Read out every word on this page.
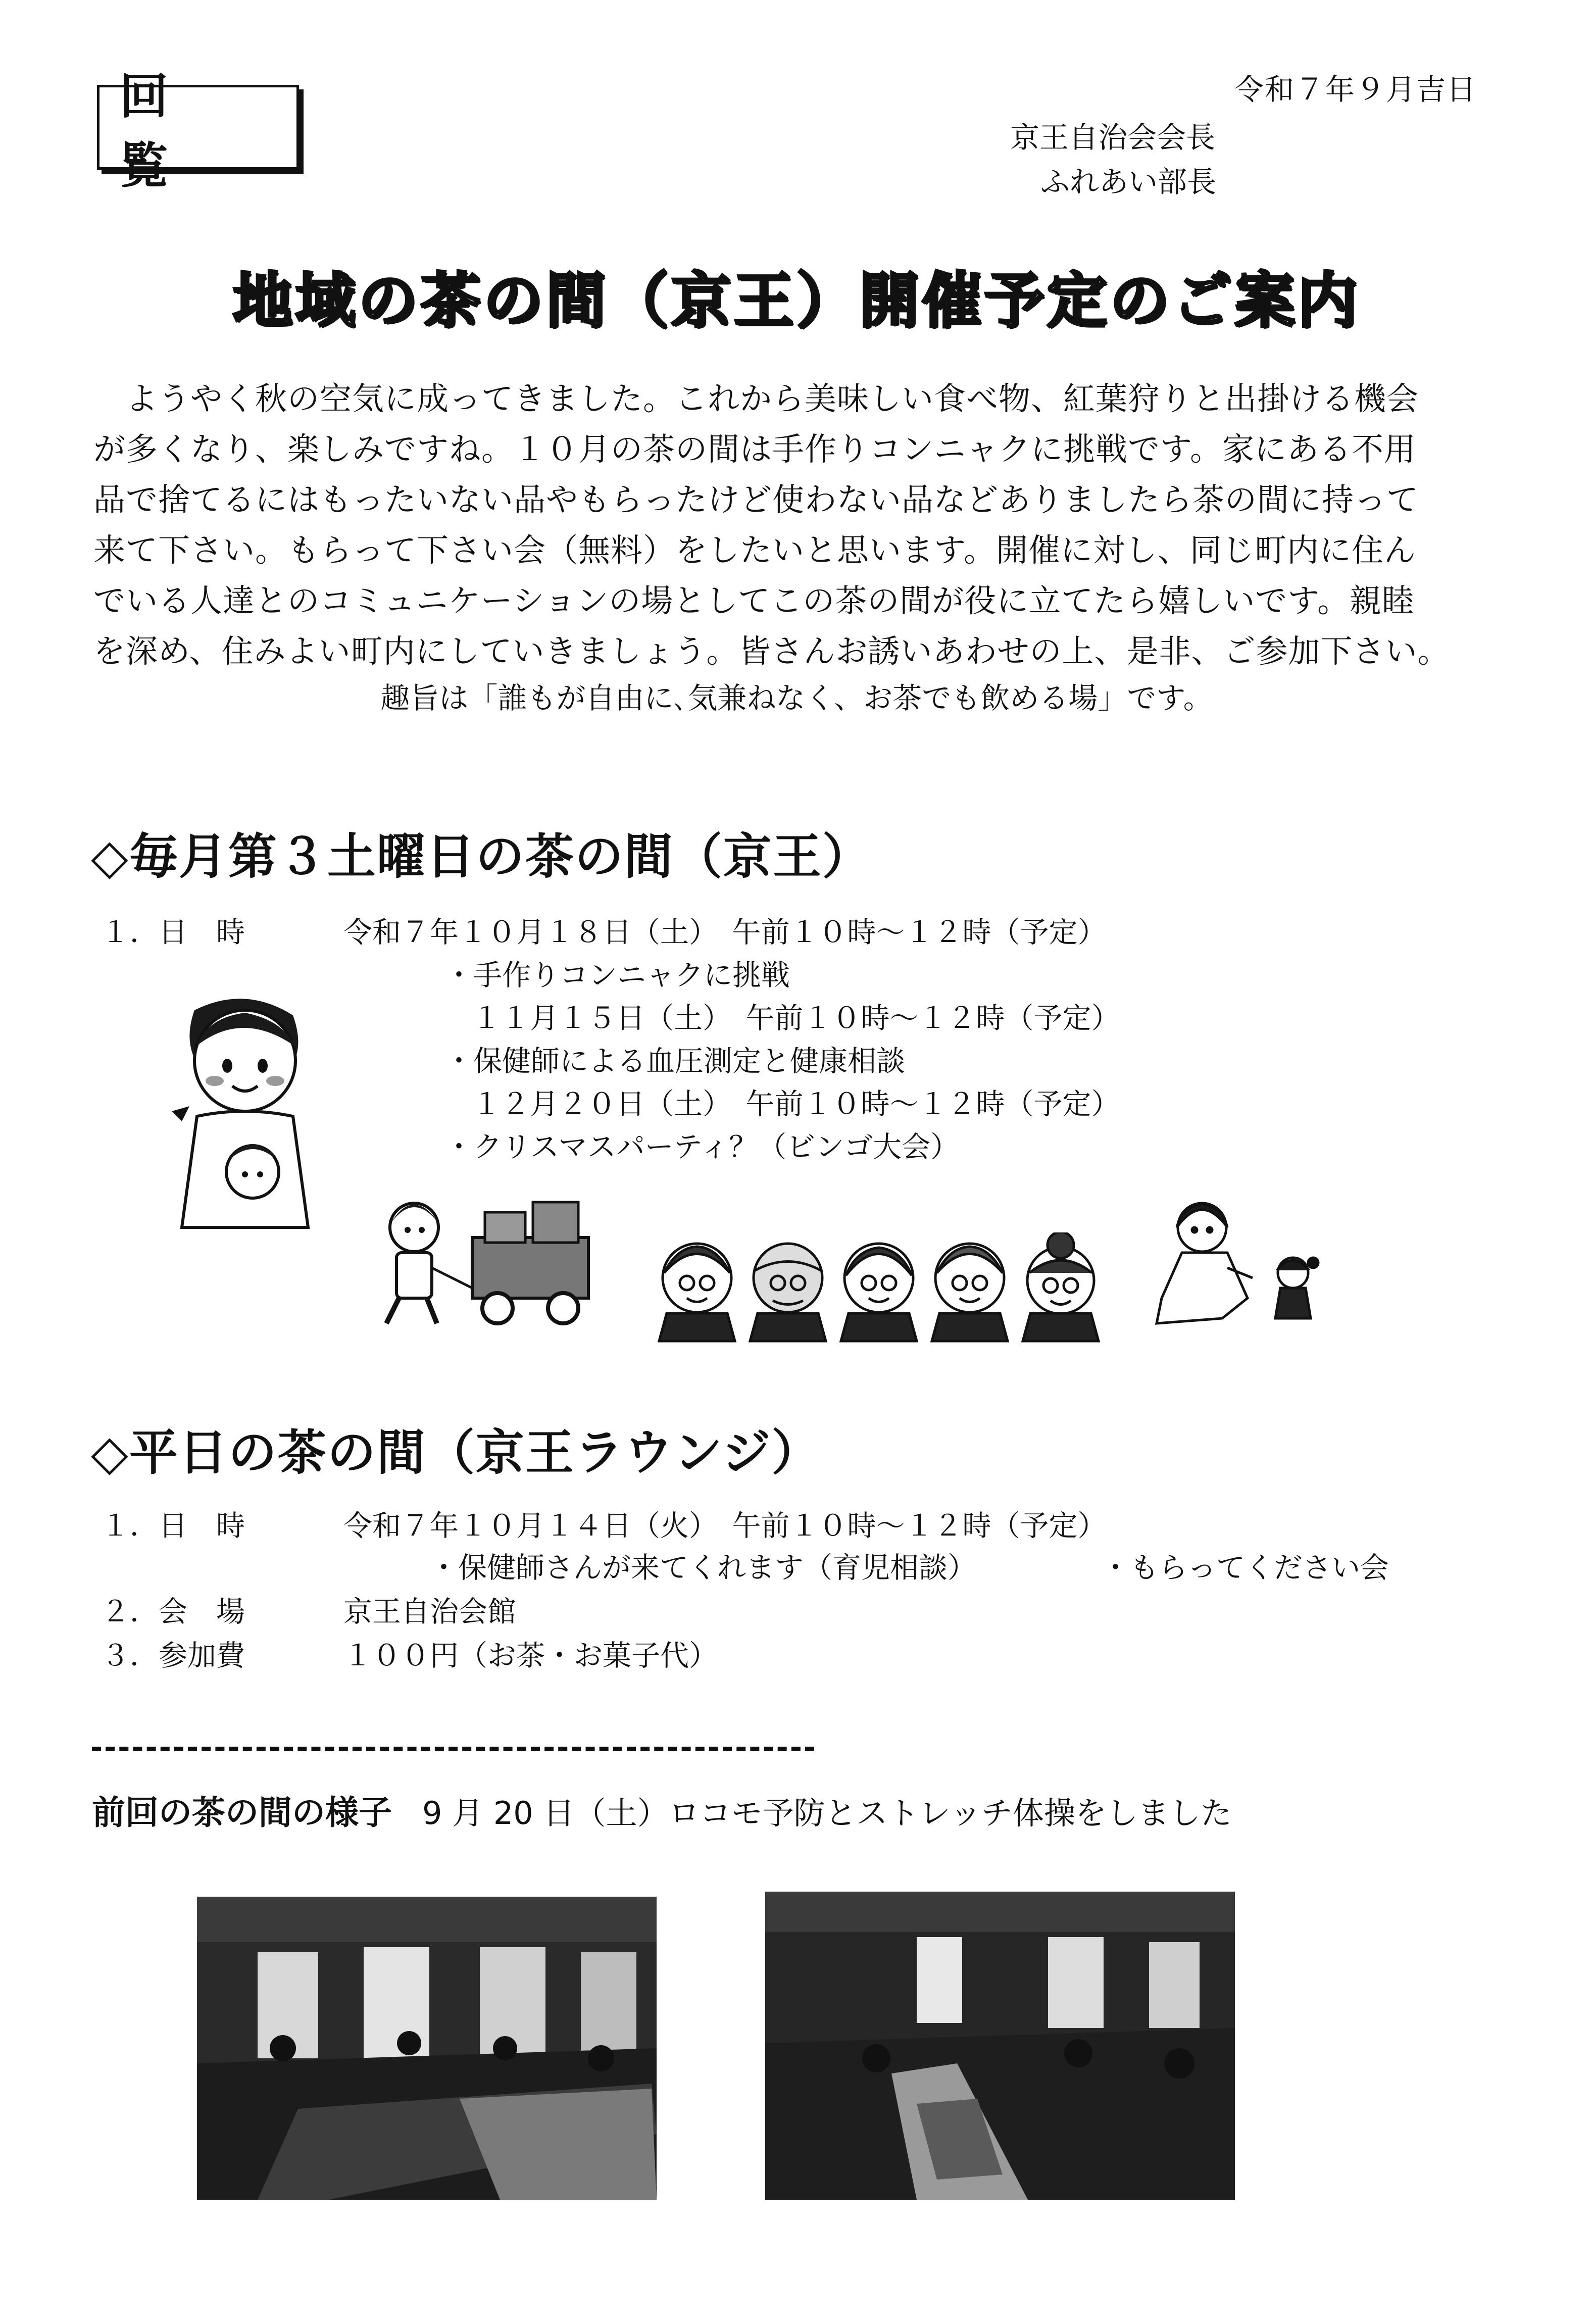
回 覧
令和７年９月吉日
京王自治会会長
ふれあい部長
地域の茶の間（京王）開催予定のご案内

　ようやく秋の空気に成ってきました。これから美味しい食べ物、紅葉狩りと出掛ける機会

が多くなり、楽しみですね。１０月の茶の間は手作りコンニャクに挑戦です。家にある不用

品で捨てるにはもったいない品やもらったけど使わない品などありましたら茶の間に持って

来て下さい。もらって下さい会（無料）をしたいと思います。開催に対し、同じ町内に住ん

でいる人達とのコミュニケーションの場としてこの茶の間が役に立てたら嬉しいです。親睦

を深め、住みよい町内にしていきましょう。皆さんお誘いあわせの上、是非、ご参加下さい。

趣旨は「誰もが自由に､気兼ねなく、お茶でも飲める場」です。
◇毎月第３土曜日の茶の間（京王）
１．日　時	令和７年１０月１８日（土）　午前１０時～１２時（予定）
・手作りコンニャクに挑戦
１１月１５日（土）　午前１０時～１２時（予定）
・保健師による血圧測定と健康相談
１２月２０日（土）　午前１０時～１２時（予定）
・クリスマスパーティ？（ビンゴ大会）
◇平日の茶の間（京王ラウンジ）
１．日　時	令和７年１０月１４日（火）　午前１０時～１２時（予定）
・保健師さんが来てくれます（育児相談）	・もらってください会
２．会　場	京王自治会館
３．参加費	１００円（お茶・お菓子代）
前回の茶の間の様子 9 月 20 日（土）ロコモ予防とストレッチ体操をしました
